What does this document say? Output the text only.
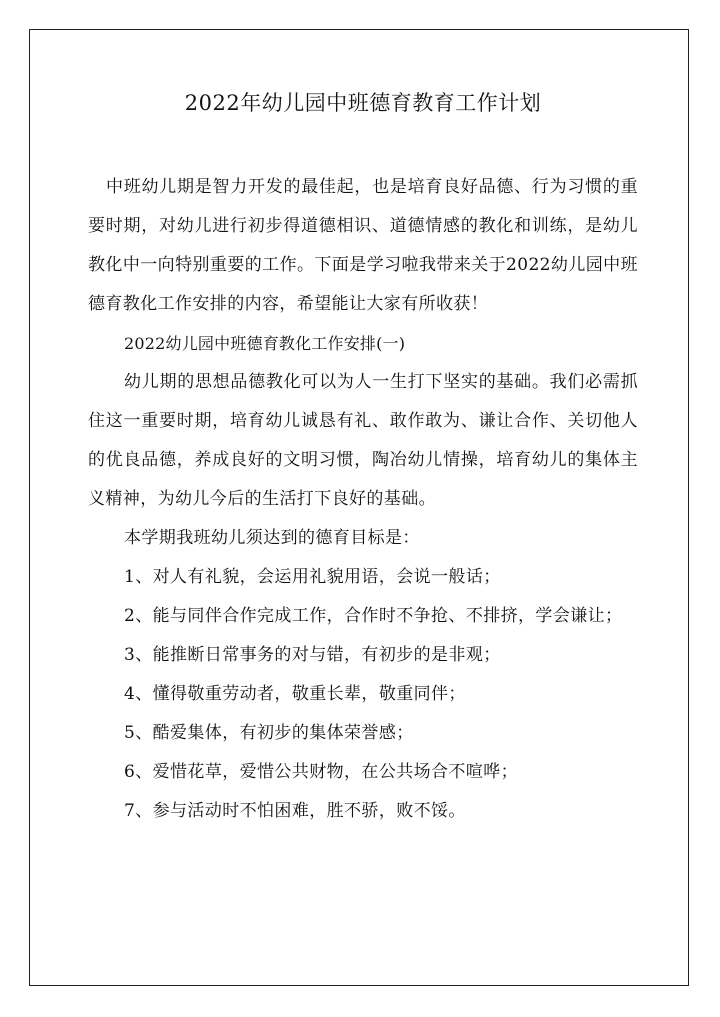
2022年幼儿园中班德育教育工作计划

中班幼儿期是智力开发的最佳起，也是培育良好品德、行为习惯的重要时期，对幼儿进行初步得道德相识、道德情感的教化和训练，是幼儿教化中一向特别重要的工作。下面是学习啦我带来关于2022幼儿园中班德育教化工作安排的内容，希望能让大家有所收获！

2022幼儿园中班德育教化工作安排(一)

幼儿期的思想品德教化可以为人一生打下坚实的基础。我们必需抓住这一重要时期，培育幼儿诚恳有礼、敢作敢为、谦让合作、关切他人的优良品德，养成良好的文明习惯，陶冶幼儿情操，培育幼儿的集体主义精神，为幼儿今后的生活打下良好的基础。

本学期我班幼儿须达到的德育目标是：

1、对人有礼貌，会运用礼貌用语，会说一般话；

2、能与同伴合作完成工作，合作时不争抢、不排挤，学会谦让；

3、能推断日常事务的对与错，有初步的是非观；

4、懂得敬重劳动者，敬重长辈，敬重同伴；

5、酷爱集体，有初步的集体荣誉感；

6、爱惜花草，爱惜公共财物，在公共场合不喧哗；

7、参与活动时不怕困难，胜不骄，败不馁。
